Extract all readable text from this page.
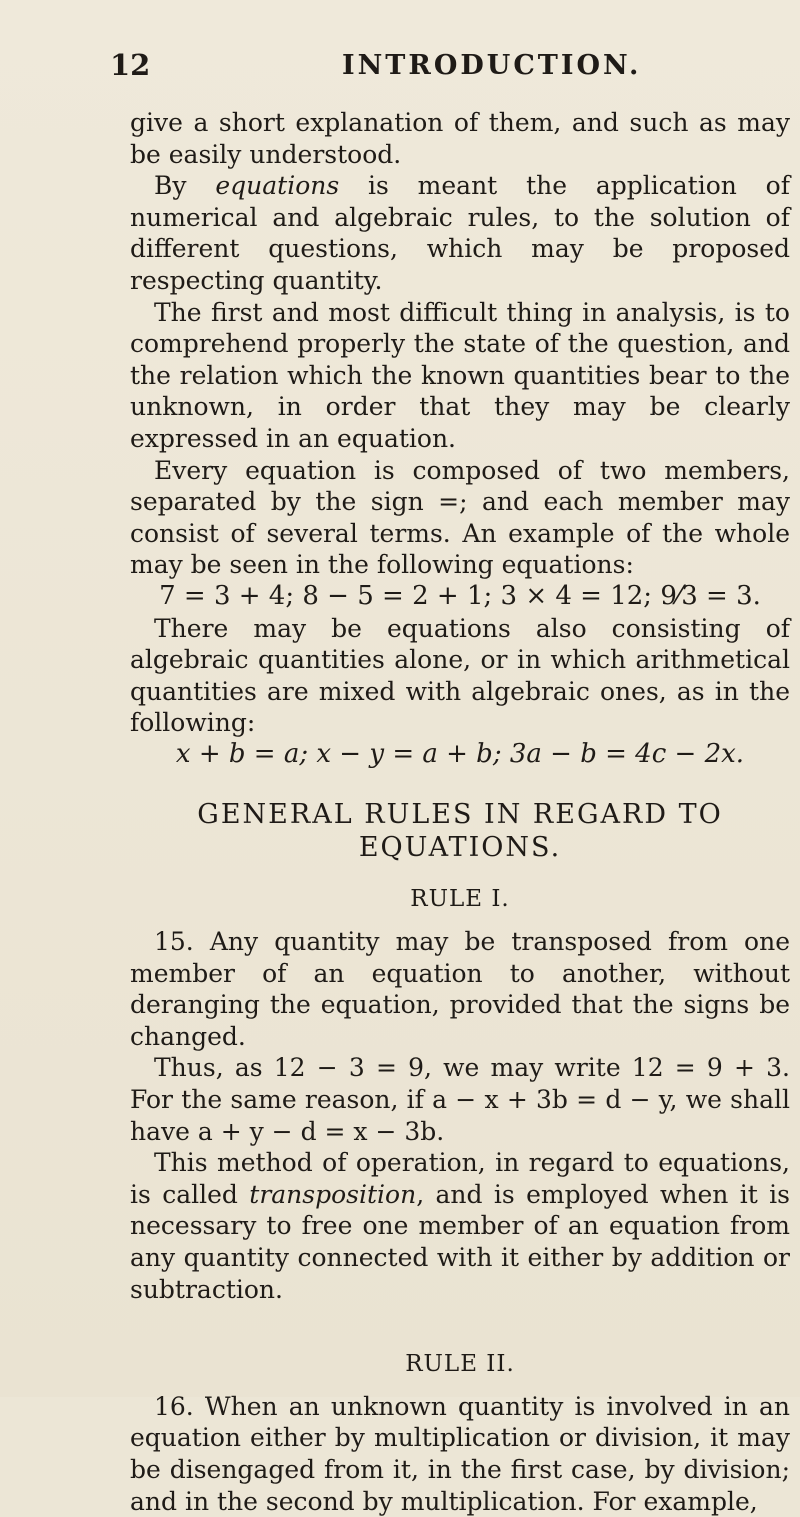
12	INTRODUCTION.

give a short explanation of them, and such as may be easily understood.

By equations is meant the application of numerical and algebraic rules, to the solution of different questions, which may be proposed respecting quantity.

The first and most difficult thing in analysis, is to comprehend properly the state of the question, and the relation which the known quantities bear to the unknown, in order that they may be clearly expressed in an equation.

Every equation is composed of two members, separated by the sign =; and each member may consist of several terms. An example of the whole may be seen in the following equations:

7 = 3 + 4; 8 − 5 = 2 + 1; 3 × 4 = 12; 9⁄3 = 3.

There may be equations also consisting of algebraic quantities alone, or in which arithmetical quantities are mixed with algebraic ones, as in the following:

x + b = a; x − y = a + b; 3a − b = 4c − 2x.

GENERAL RULES IN REGARD TO
EQUATIONS.
RULE I.

15. Any quantity may be transposed from one member of an equation to another, without deranging the equation, provided that the signs be changed.

Thus, as 12 − 3 = 9, we may write 12 = 9 + 3. For the same reason, if a − x + 3b = d − y, we shall have a + y − d = x − 3b.

This method of operation, in regard to equations, is called transposition, and is employed when it is necessary to free one member of an equation from any quantity connected with it either by addition or subtraction.

RULE II.

16. When an unknown quantity is involved in an equation either by multiplication or division, it may be disengaged from it, in the first case, by division; and in the second by multiplication. For example,
